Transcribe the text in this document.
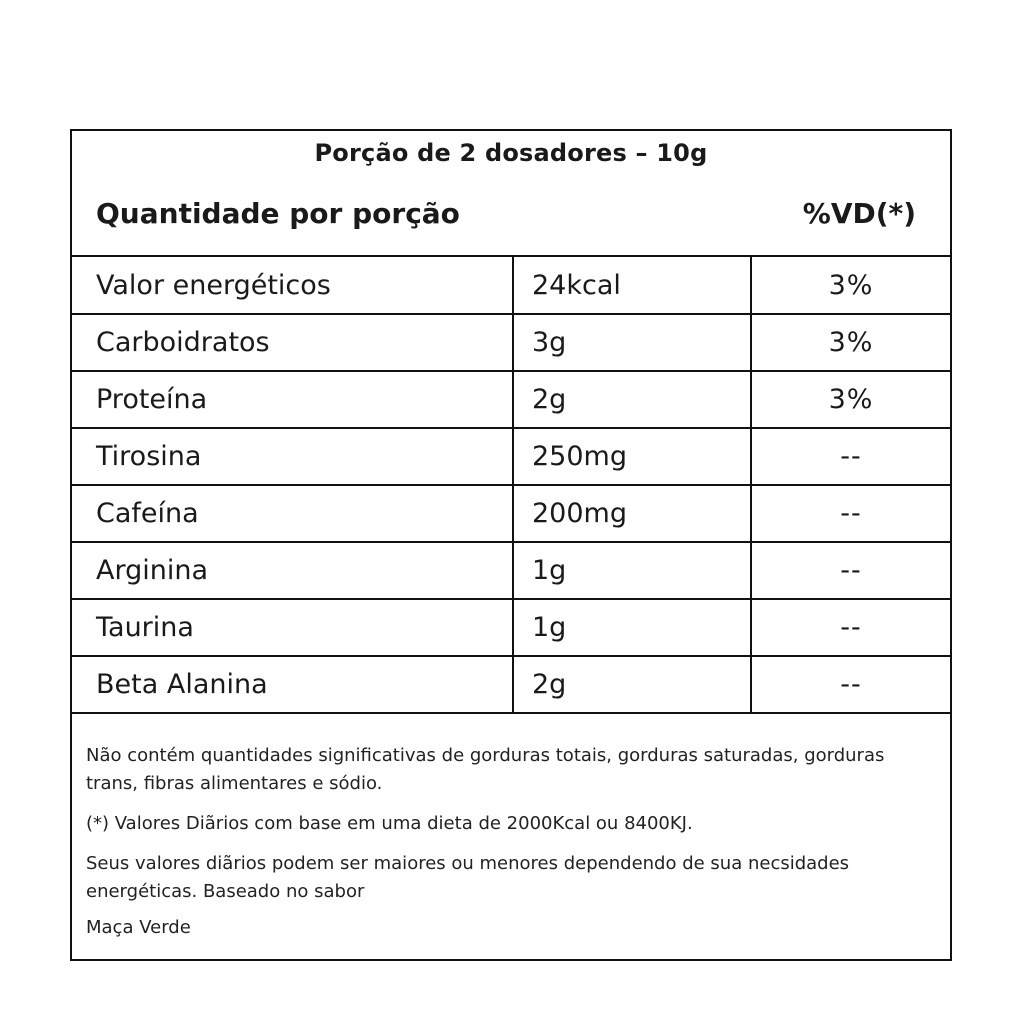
Porção de 2 dosadores – 10g
Quantidade por porção	%VD(*)
Valor energéticos	24kcal	3%
Carboidratos	3g	3%
Proteína	2g	3%
Tirosina	250mg	--
Cafeína	200mg	--
Arginina	1g	--
Taurina	1g	--
Beta Alanina	2g	--

Não contém quantidades significativas de gorduras totais, gorduras saturadas, gorduras trans, fibras alimentares e sódio.

(*) Valores Diãrios com base em uma dieta de 2000Kcal ou 8400KJ.

Seus valores diãrios podem ser maiores ou menores dependendo de sua necsidades energéticas. Baseado no sabor

Maça Verde
